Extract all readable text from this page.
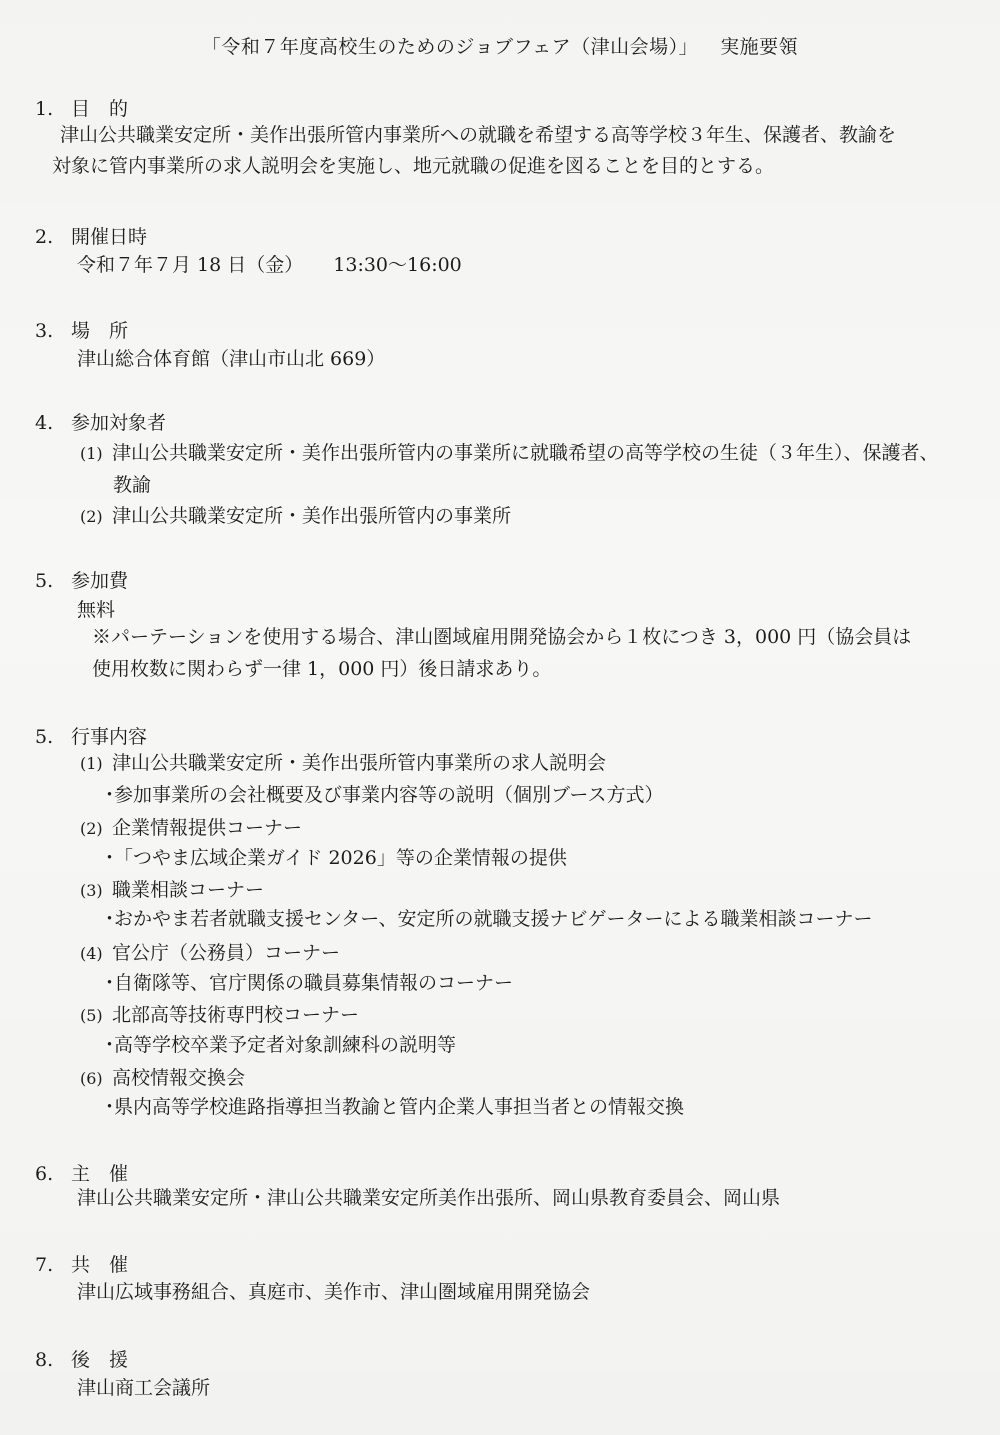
「令和７年度高校生のためのジョブフェア（津山会場）」 実施要領
1. 目　的
津山公共職業安定所・美作出張所管内事業所への就職を希望する高等学校３年生、保護者、教諭を
対象に管内事業所の求人説明会を実施し、地元就職の促進を図ることを目的とする。
2. 開催日時
令和７年７月 18 日（金） 13:30〜16:00
3. 場　所
津山総合体育館（津山市山北 669）
4. 参加対象者
(1) 津山公共職業安定所・美作出張所管内の事業所に就職希望の高等学校の生徒（３年生）、保護者、
教諭
(2) 津山公共職業安定所・美作出張所管内の事業所
5. 参加費
無料
※パーテーションを使用する場合、津山圏域雇用開発協会から１枚につき 3，000 円（協会員は
使用枚数に関わらず一律 1，000 円）後日請求あり。
5. 行事内容
(1) 津山公共職業安定所・美作出張所管内事業所の求人説明会
・参加事業所の会社概要及び事業内容等の説明（個別ブース方式）
(2) 企業情報提供コーナー
・「つやま広域企業ガイド 2026」等の企業情報の提供
(3) 職業相談コーナー
・おかやま若者就職支援センター、安定所の就職支援ナビゲーターによる職業相談コーナー
(4) 官公庁（公務員）コーナー
・自衛隊等、官庁関係の職員募集情報のコーナー
(5) 北部高等技術専門校コーナー
・高等学校卒業予定者対象訓練科の説明等
(6) 高校情報交換会
・県内高等学校進路指導担当教諭と管内企業人事担当者との情報交換
6. 主　催
津山公共職業安定所・津山公共職業安定所美作出張所、岡山県教育委員会、岡山県
7. 共　催
津山広域事務組合、真庭市、美作市、津山圏域雇用開発協会
8. 後　援
津山商工会議所
